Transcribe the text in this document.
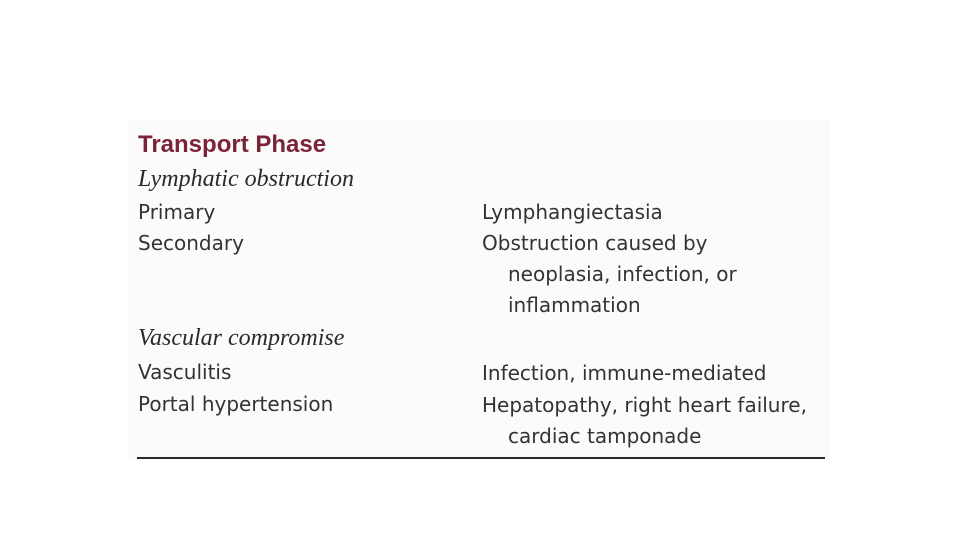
Transport Phase
Lymphatic obstruction
Primary	Lymphangiectasia
Secondary	Obstruction caused by
neoplasia, infection, or
inflammation
Vascular compromise
Vasculitis	Infection, immune-mediated
Portal hypertension	Hepatopathy, right heart failure,
cardiac tamponade
